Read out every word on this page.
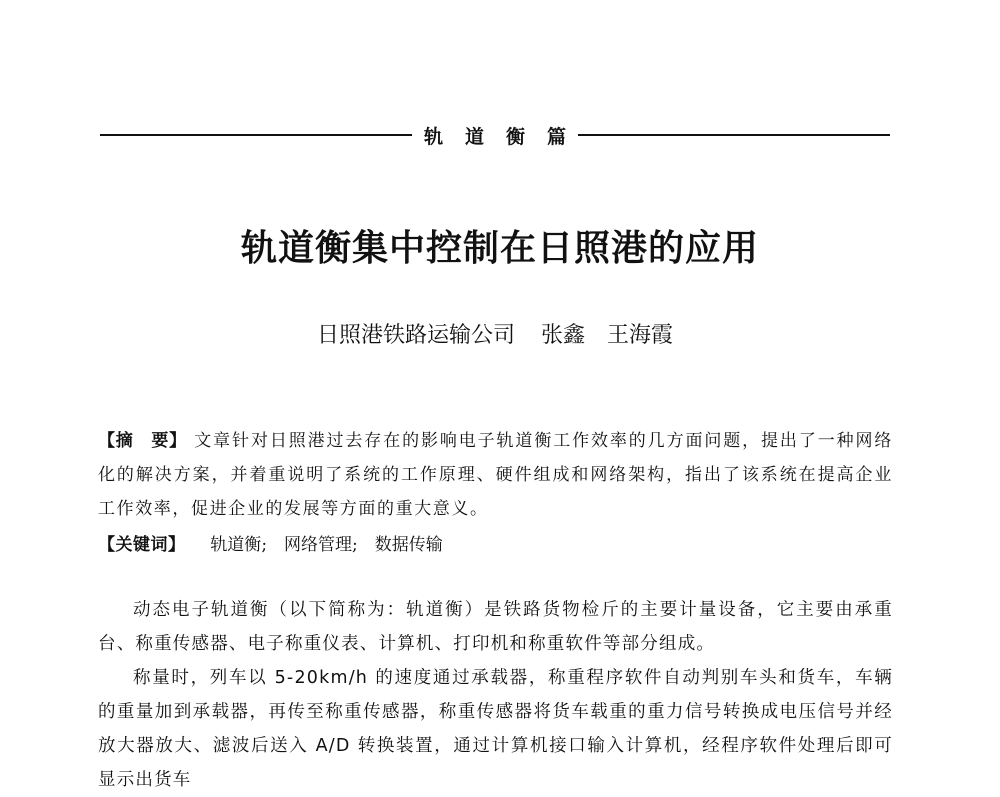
轨道衡篇
轨道衡集中控制在日照港的应用
日照港铁路运输公司 张鑫 王海霞
【摘　要】 文章针对日照港过去存在的影响电子轨道衡工作效率的几方面问题，提出了一种网络化的解决方案，并着重说明了系统的工作原理、硬件组成和网络架构，指出了该系统在提高企业工作效率，促进企业的发展等方面的重大意义。
【关键词】 轨道衡;　网络管理;　数据传输

动态电子轨道衡（以下简称为：轨道衡）是铁路货物检斤的主要计量设备，它主要由承重台、称重传感器、电子称重仪表、计算机、打印机和称重软件等部分组成。

称量时，列车以 5-20km/h 的速度通过承载器，称重程序软件自动判别车头和货车，车辆的重量加到承载器，再传至称重传感器，称重传感器将货车载重的重力信号转换成电压信号并经放大器放大、滤波后送入 A/D 转换装置，通过计算机接口输入计算机，经程序软件处理后即可显示出货车
